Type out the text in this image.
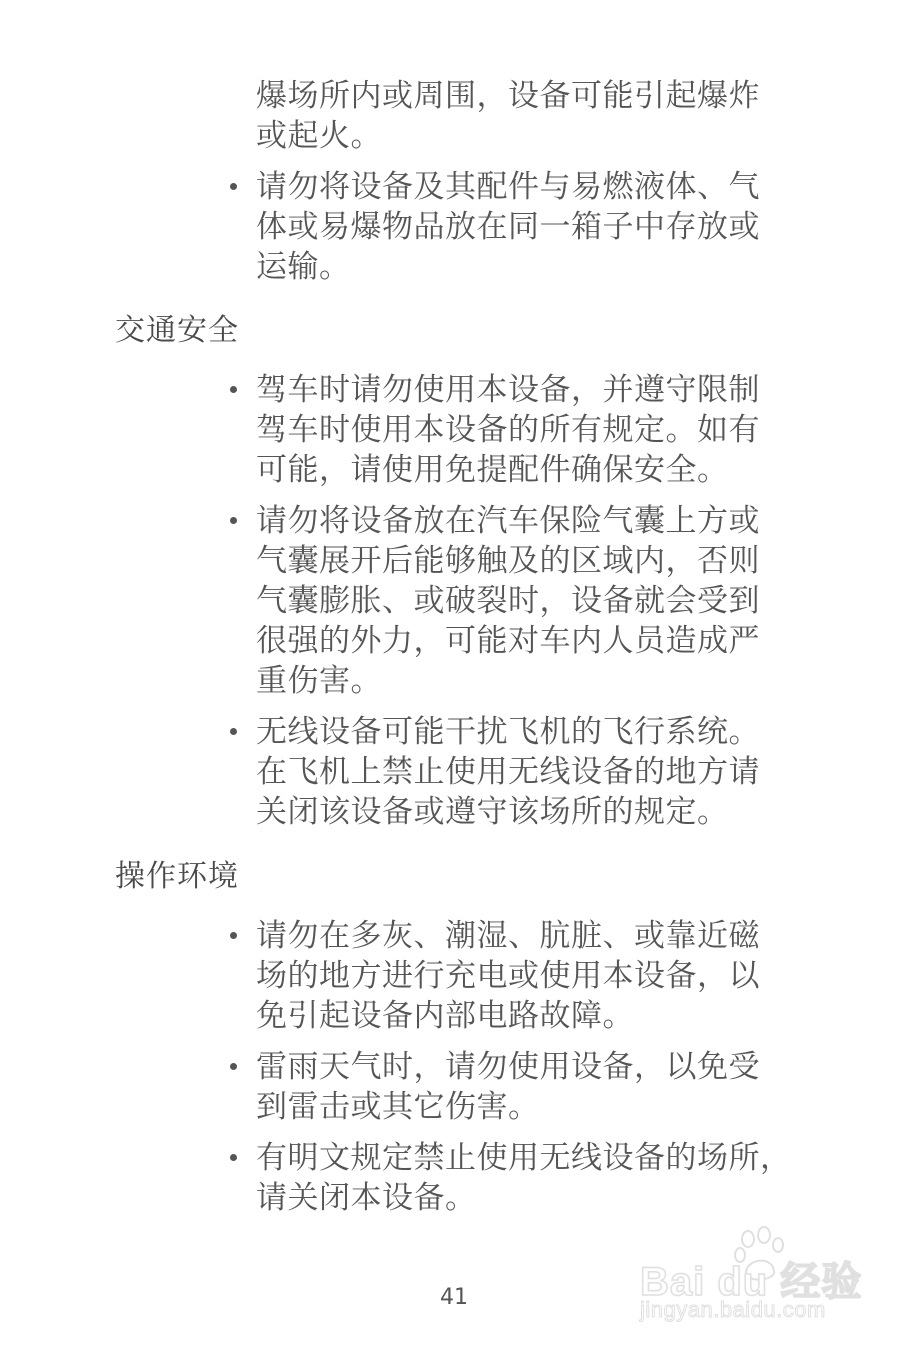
爆场所内或周围，设备可能引起爆炸
或起火。
请勿将设备及其配件与易燃液体、气
体或易爆物品放在同一箱子中存放或
运输。
交通安全
驾车时请勿使用本设备，并遵守限制
驾车时使用本设备的所有规定。如有
可能，请使用免提配件确保安全。
请勿将设备放在汽车保险气囊上方或
气囊展开后能够触及的区域内，否则
气囊膨胀、或破裂时，设备就会受到
很强的外力，可能对车内人员造成严
重伤害。
无线设备可能干扰飞机的飞行系统。
在飞机上禁止使用无线设备的地方请
关闭该设备或遵守该场所的规定。
操作环境
请勿在多灰、潮湿、肮脏、或靠近磁
场的地方进行充电或使用本设备，以
免引起设备内部电路故障。
雷雨天气时，请勿使用设备，以免受
到雷击或其它伤害。
有明文规定禁止使用无线设备的场所，
请关闭本设备。
41	Bai du 经验
jingyan.baidu.com
